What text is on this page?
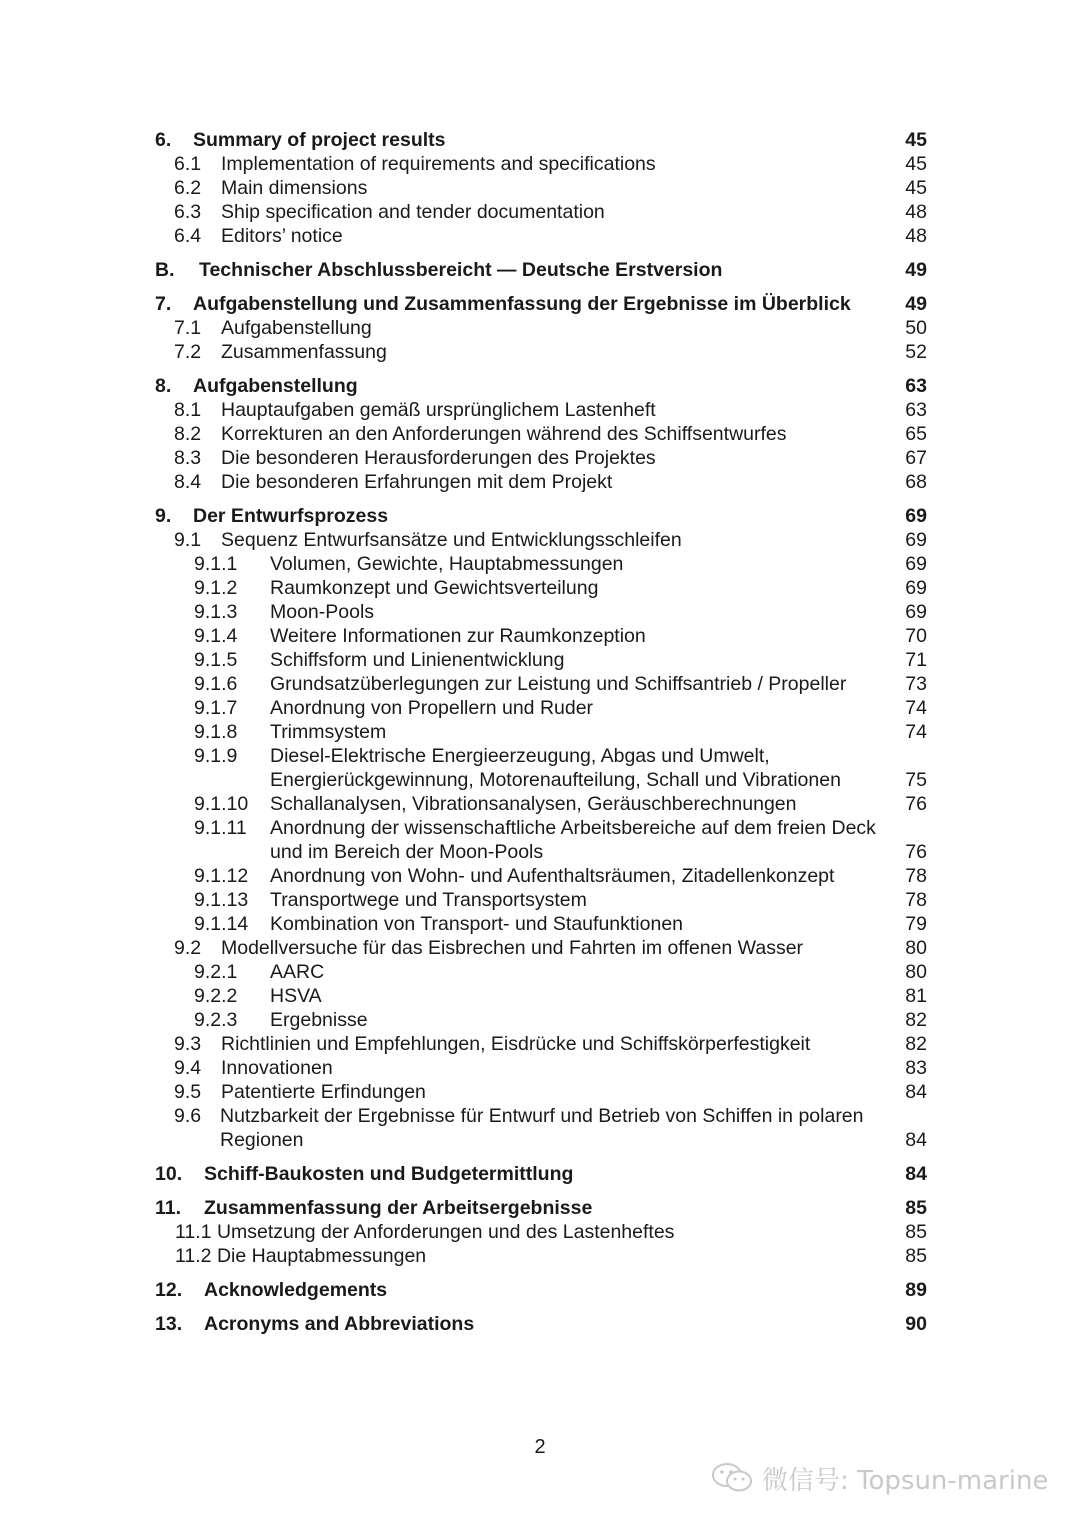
6.	Summary of project results	45
6.1	Implementation of requirements and specifications	45
6.2	Main dimensions	45
6.3	Ship specification and tender documentation	48
6.4	Editors’ notice	48
B.	Technischer Abschlussbereicht — Deutsche Erstversion	49
7.	Aufgabenstellung und Zusammenfassung der Ergebnisse im Überblick	49
7.1	Aufgabenstellung	50
7.2	Zusammenfassung	52
8.	Aufgabenstellung	63
8.1	Hauptaufgaben gemäß ursprünglichem Lastenheft	63
8.2	Korrekturen an den Anforderungen während des Schiffsentwurfes	65
8.3	Die besonderen Herausforderungen des Projektes	67
8.4	Die besonderen Erfahrungen mit dem Projekt	68
9.	Der Entwurfsprozess	69
9.1	Sequenz Entwurfsansätze und Entwicklungsschleifen	69
9.1.1	Volumen, Gewichte, Hauptabmessungen	69
9.1.2	Raumkonzept und Gewichtsverteilung	69
9.1.3	Moon-Pools	69
9.1.4	Weitere Informationen zur Raumkonzeption	70
9.1.5	Schiffsform und Linienentwicklung	71
9.1.6	Grundsatzüberlegungen zur Leistung und Schiffsantrieb / Propeller	73
9.1.7	Anordnung von Propellern und Ruder	74
9.1.8	Trimmsystem	74
9.1.9	Diesel-Elektrische Energieerzeugung, Abgas und Umwelt, Energierückgewinnung, Motorenaufteilung, Schall und Vibrationen	75
9.1.10	Schallanalysen, Vibrationsanalysen, Geräuschberechnungen	76
9.1.11	Anordnung der wissenschaftliche Arbeitsbereiche auf dem freien Deck und im Bereich der Moon-Pools	76
9.1.12	Anordnung von Wohn- und Aufenthaltsräumen, Zitadellenkonzept	78
9.1.13	Transportwege und Transportsystem	78
9.1.14	Kombination von Transport- und Staufunktionen	79
9.2	Modellversuche für das Eisbrechen und Fahrten im offenen Wasser	80
9.2.1	AARC	80
9.2.2	HSVA	81
9.2.3	Ergebnisse	82
9.3	Richtlinien und Empfehlungen, Eisdrücke und Schiffskörperfestigkeit	82
9.4	Innovationen	83
9.5	Patentierte Erfindungen	84
9.6 Nutzbarkeit der Ergebnisse für Entwurf und Betrieb von Schiffen in polaren Regionen	84
10.	Schiff-Baukosten und Budgetermittlung	84
11.	Zusammenfassung der Arbeitsergebnisse	85
11.1 Umsetzung der Anforderungen und des Lastenheftes	85
11.2 Die Hauptabmessungen	85
12.	Acknowledgements	89
13.	Acronyms and Abbreviations	90
2
微信号: Topsun-marine
